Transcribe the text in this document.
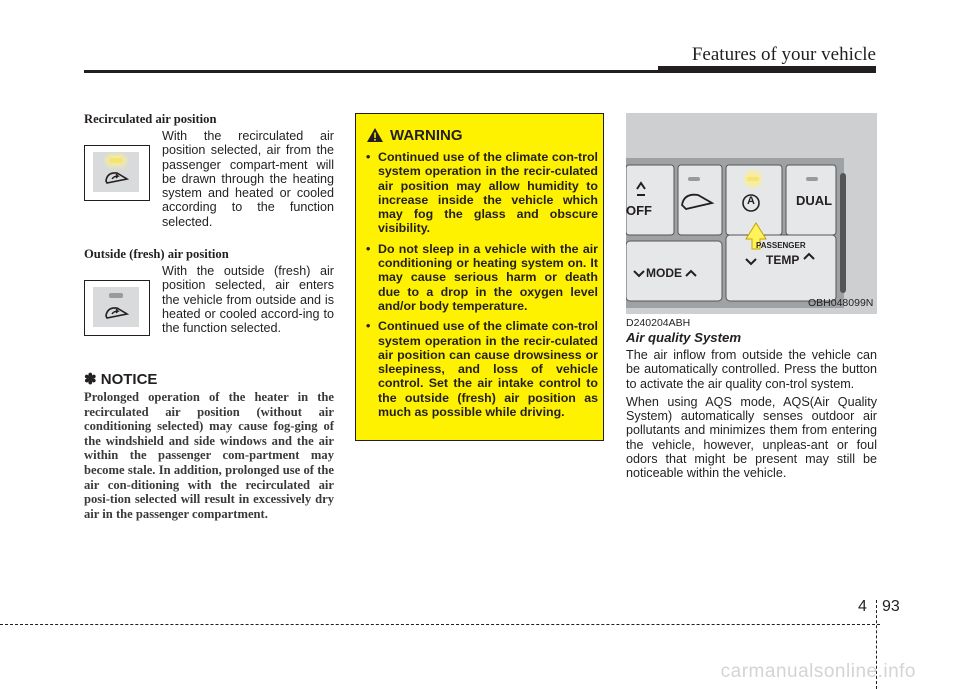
Features of your vehicle
Recirculated air position
With the recirculated air position selected, air from the passenger compart-ment will be drawn through the heating system and heated or cooled according to the function selected.
Outside (fresh) air position
With the outside (fresh) air position selected, air enters the vehicle from outside and is heated or cooled accord-ing to the function selected.
✽ NOTICE
Prolonged operation of the heater in the recirculated air position (without air conditioning selected) may cause fog-ging of the windshield and side windows and the air within the passenger com-partment may become stale. In addition, prolonged use of the air con-ditioning with the recirculated air posi-tion selected will result in excessively dry air in the passenger compartment.
WARNING
• Continued use of the climate con-trol system operation in the recir-culated air position may allow humidity to increase inside the vehicle which may fog the glass and obscure visibility.
• Do not sleep in a vehicle with the air conditioning or heating system on. It may cause serious harm or death due to a drop in the oxygen level and/or body temperature.
• Continued use of the climate con-trol system operation in the recir-culated air position can cause drowsiness or sleepiness, and loss of vehicle control. Set the air intake control to the outside (fresh) air position as much as possible while driving.
OFF
DUAL
A
MODE
PASSENGER
TEMP
OBH048099N
D240204ABH
Air quality System

The air inflow from outside the vehicle can be automatically controlled. Press the button to activate the air quality con-trol system.

When using AQS mode, AQS(Air Quality System) automatically senses outdoor air pollutants and minimizes them from entering the vehicle, however, unpleas-ant or foul odors that might be present may still be noticeable within the vehicle.

4 93
carmanualsonline.info
